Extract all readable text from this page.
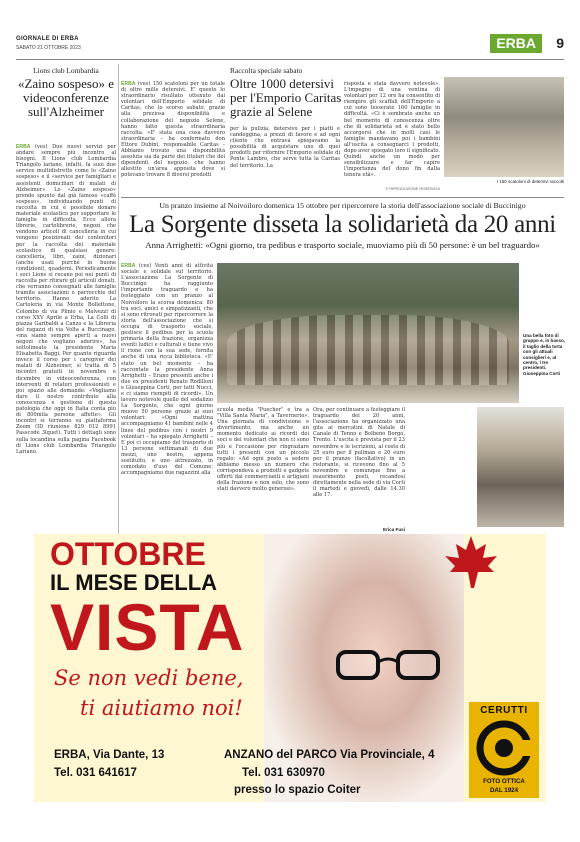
GIORNALE DI ERBA
SABATO 21 OTTOBRE 2023	ERBA	9
Lions club Lombardia
«Zaino sospeso» e videoconferenze sull'Alzheimer
ERBA (ves) Due nuovi servizi per andare sempre più incontro al bisogni. Il Lions club Lombardia Triangolo lariano, infatti, fa suoi due service multidistretto come lo «Zaino sospeso» e il «service per famigliari e assistenti domiciliari di malati di Alzheimer». Lo «Zaino sospeso» prende spunto dal già famoso «caffè sospeso», individuando punti di raccolta in cui è possibile donare materiale scolastico per supportare le famiglie in difficoltà. Ecco allora librerie, cartolibrerie, negozi che vendono articoli di cancelleria in cui vengono posizionati dei contenitori per la raccolta del materiale scolastico di qualsiasi genere: cancelleria, libri, zaini, dizionari (anche usati purché in buone condizioni), quaderni. Periodicamente i soci Lions si recano poi nei punti di raccolta per ritirare gli articoli donati, che verranno consegnati alle famiglie tramite associazioni o parrocchie del territorio. Hanno aderito La Cartoleria in via Monte Bollettone, Colombo di via Plinio e Malvezzi di corso XXV Aprile a Erba, La Colli di piazza Garibaldi a Canzo e la Libreria del ragazzi di via Volta a Buccinago, «ma siamo sempre aperti a nuovi negozi che vogliano aderire», ha sottolineato la presidente Maria Elisabetta Baggi. Per quanto riguarda invece il corso per i caregiver dei malati di Alzheimer, si tratta di 5 incontri gratuiti in novembre e dicembre in videoconferenza, con interventi di relatori professionisti e poi spazio alle domande: «Vogliamo dare il nostro contributo alla conoscenza e gestione di questa patologia che oggi in Italia conta più di 800mila persone affette». Gli incontri si terranno su piattaforma Zoom (ID riunione 829 012 8991 Passcode 3lquet). Tutti i dettagli sono sulla locandina sulla pagina Facebook di Lions club Lombardia Triangolo Lariano.
ERBA (ves) 150 scatoloni per un totale di oltre mille detersivi. E' questo lo straordinario risultato ottenuto dai volontari dell'Emporio solidale di Caritas, che lo scorso sabato, grazie alla preziosa disponibilità e collaborazione del negozio Selene, hanno fatto questa straordinaria raccolta. «E' stata una cosa davvero straordinaria – ha confermato don Ettore Dubini, responsabile Caritas – Abbiamo trovato una disponibilità assoluta sia da parte dei titolari che dei dipendenti del negozio, che hanno allestito un'area apposita dove si potevano trovare 8 diversi prodotti
Raccolta speciale sabato
Oltre 1000 detersivi per l'Emporio Caritas grazie al Selene
per la pulizia, detersivo per i piatti e candeggina, a prezzi di favore e ad ogni cliente che entrava spiegavamo la possibilità di acquistare uno di quei prodotti per rifornire l'Emporio solidale di Ponte Lambro, che serve tutta la Caritas del territorio. La
risposta è stata davvero notevole». L'impegno di una ventina di volontari per 12 ore ha consentito di riempire gli scaffali dell'Emporio a cui sono tesserate 160 famiglie in difficoltà. «Ci è sembrato anche un bel momento di conoscenza oltre che di solidarietà ed è stato bello accorgersi che in molti casi le famiglie mandavano poi i bambini all'uscita a consegnarci i prodotti, dopo aver spiegato loro il significato. Quindi anche un modo per sensibilizzare e far capire l'importanza del dono fin dalla tenera età».
© RIPRODUZIONE RISERVATA
I 150 scatoloni di detersivi raccolti
Un pranzo insieme al Noivoiloro domenica 15 ottobre per ripercorrere la storia dell'associazione sociale di Buccinigo
La Sorgente disseta la solidarietà da 20 anni
Anna Arrighetti: «Ogni giorno, tra pedibus e trasporto sociale, muoviamo più di 50 persone: è un bel traguardo»
ERBA (ces) Venti anni di attività sociale e solidale sul territorio. L'associazione La Sorgente di Buccinigo ha raggiunto l'importante traguardo e ha festeggiato con un pranzo al Noivoiloro la scorsa domenica: 80 tra soci, amici e simpatizzanti, che si sono ritrovati per ripercorrere la storia dell'associazione che si occupa di trasporto sociale, gestisce il pedibus per la scuola primaria della frazione, organizza eventi ludici e culturali e tiene vivo il rione con la sua sede, fornita anche di una ricca biblioteca. «E' stato un bel momento – ha raccontato la presidente Anna Arrighetti – Erano presenti anche i due ex presidenti Renato Rodilloni e Giuseppina Corti, per tutti Nucci, e ci siamo riempiti di ricordi». Un lavoro notevole quello del sodalizio La Sorgente, che ogni giorno muove 50 persone grazie ai suoi volontari: «Ogni mattina accompagniamo 41 bambini nelle 4 linee del pedibus con i nostri 9 volontari – ha spiegato Arrighetti – E poi ci occupiamo del trasporto di 13 persone settimanali di due mezzi, uno nostro, appena sostituito, e uno attrezzato, in comodato d'uso del Comune: accompagniamo due ragazzini alla
Una bella foto di gruppo e, in basso, il taglio della torta con gli attuali consiglieri e, al centro, i tre presidenti. Giuseppina Corti
scuola media "Puecher" e tra a "Villa Santa Maria", a Tavernerio». Una giornata di condivisione e divertimento, ma anche un momento dedicato ai ricordi dei soci e dei volontari che non ci sono più e l'occasione per ringraziare tutti i presenti con un piccolo regalo: «Ad ogni posto a sedere abbiamo messo un numero che corrispondeva a prodotti e gadgets offerti dai commercianti e artigiani della frazione e non solo, che sono stati davvero molto generosi».
Ora, per continuare a festeggiare il traguardo dei 20 anni, l'associazione ha organizzato una gita ai mercatini di Natale di Canale di Tenno e Bolbeno Borgo, Trento. L'uscita è prevista per il 23 novembre e le iscrizioni, al costo di 25 euro per il pullman e 20 euro per il pranzo (facoltativo) in un ristorante, si ricevono fino al 5 novembre e comunque fino a esaurimento posti, recandosi direttamente nella sede di via Corti il martedì e giovedì, dalle 14.30 alle 17.
Erica Fusi
OTTOBRE
IL MESE DELLA
VISTA
Se non vedi bene,
ti aiutiamo noi!
ERBA, Via Dante, 13
Tel. 031 641617
ANZANO del PARCO Via Provinciale, 4
Tel. 031 630970
presso lo spazio Coiter
CERUTTI
FOTO OTTICA
DAL 1924
